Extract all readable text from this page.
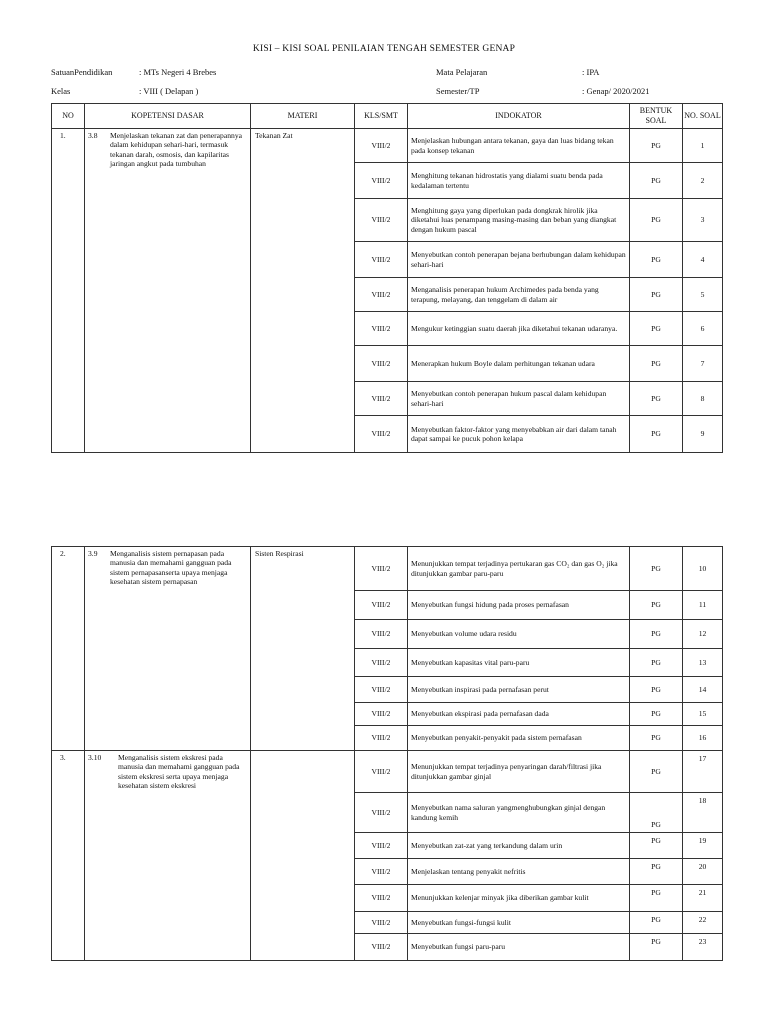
KISI – KISI SOAL PENILAIAN TENGAH SEMESTER GENAP
SatuanPendidikan	: MTs Negeri 4 Brebes
Kelas	: VIII ( Delapan )
Mata Pelajaran	: IPA
Semester/TP	: Genap/ 2020/2021
NO	KOPETENSI DASAR	MATERI	KLS/SMT	INDOKATOR	BENTUK SOAL	NO. SOAL

1.	3.8 Menjelaskan tekanan zat dan penerapannya dalam kehidupan sehari-hari, termasuk tekanan darah, osmosis, dan kapilaritas jaringan angkut pada tumbuhan	Tekanan Zat	VIII/2	Menjelaskan hubungan antara tekanan, gaya dan luas bidang tekan pada konsep tekanan	PG	1
			VIII/2	Menghitung tekanan hidrostatis yang dialami suatu benda pada kedalaman tertentu	PG	2
			VIII/2	Menghitung gaya yang diperlukan pada dongkrak hirolik jika diketahui luas penampang masing-masing dan beban yang diangkat dengan hukum pascal	PG	3
			VIII/2	Menyebutkan contoh penerapan bejana berhubungan dalam kehidupan sehari-hari	PG	4
			VIII/2	Menganalisis penerapan hukum Archimedes pada benda yang terapung, melayang, dan tenggelam di dalam air	PG	5
			VIII/2	Mengukur ketinggian suatu daerah jika diketahui tekanan udaranya.	PG	6
			VIII/2	Menerapkan hukum Boyle dalam perhitungan tekanan udara	PG	7
			VIII/2	Menyebutkan contoh penerapan hukum pascal dalam kehidupan sehari-hari	PG	8
			VIII/2	Menyebutkan faktor-faktor yang menyebabkan air dari dalam tanah dapat sampai ke pucuk pohon kelapa	PG	9
2.	3.9 Menganalisis sistem pernapasan pada manusia dan memahami gangguan pada sistem pernapasanserta upaya menjaga kesehatan sistem pernapasan	Sisten Respirasi	VIII/2	Menunjukkan tempat terjadinya pertukaran gas CO₂ dan gas O₂ jika ditunjukkan gambar paru-paru	PG	10
			VIII/2	Menyebutkan fungsi hidung pada proses pernafasan	PG	11
			VIII/2	Menyebutkan volume udara residu	PG	12
			VIII/2	Menyebutkan kapasitas vital paru-paru	PG	13
			VIII/2	Menyebutkan inspirasi pada pernafasan perut	PG	14
			VIII/2	Menyebutkan ekspirasi pada pernafasan dada	PG	15
			VIII/2	Menyebutkan penyakit-penyakit pada sistem pernafasan	PG	16

3.	3.10 Menganalisis sistem ekskresi pada manusia dan memahami gangguan pada sistem ekskresi serta upaya menjaga kesehatan sistem ekskresi		VIII/2	Menunjukkan tempat terjadinya penyaringan darah/filtrasi jika ditunjukkan gambar ginjal	PG	17
			VIII/2	Menyebutkan nama saluran yangmenghubungkan ginjal dengan kandung kemih	PG	18
			VIII/2	Menyebutkan zat-zat yang terkandung dalam urin	PG	19
			VIII/2	Menjelaskan tentang penyakit nefritis	PG	20
			VIII/2	Menunjukkan kelenjar minyak jika diberikan gambar kulit	PG	21
			VIII/2	Menyebutkan fungsi-fungsi kulit	PG	22
			VIII/2	Menyebutkan fungsi paru-paru	PG	23
